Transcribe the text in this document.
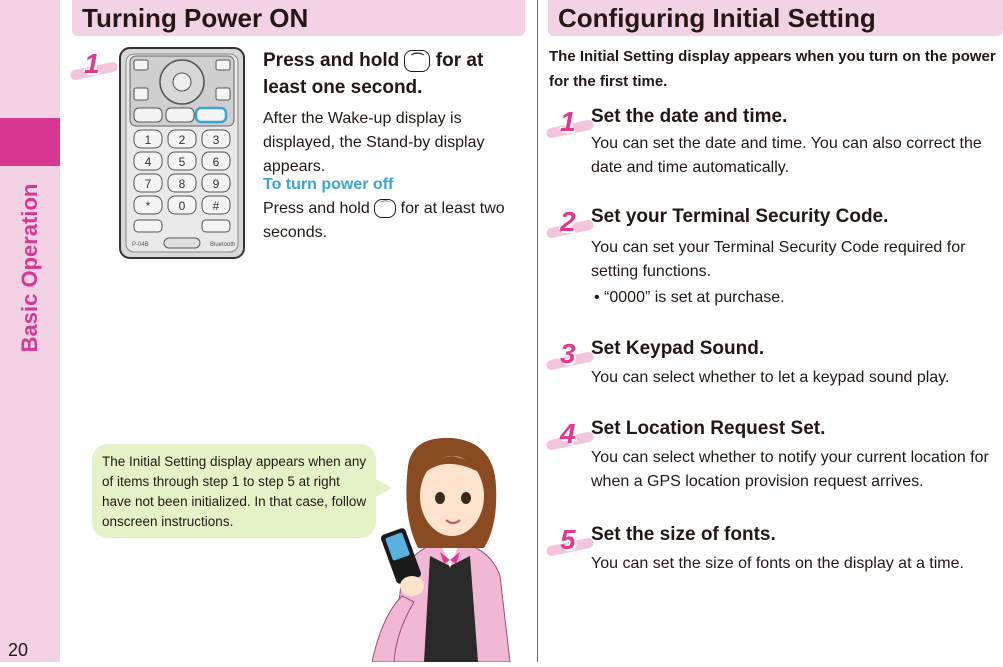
Basic Operation
20
Turning Power ON
1	Press and hold ⌒ for at
least one second.
After the Wake-up display is displayed, the Stand-by display appears.
To turn power off
Press and hold ⌒ for at least two seconds.
1 2 3
4 5 6
7 8 9
* 0 #
P-04B	Bluetooth
The Initial Setting display appears when any of items through step 1 to step 5 at right have not been initialized. In that case, follow onscreen instructions.
Configuring Initial Setting
The Initial Setting display appears when you turn on the power for the first time.
1 Set the date and time.
You can set the date and time. You can also correct the date and time automatically.
2 Set your Terminal Security Code.
You can set your Terminal Security Code required for setting functions.
• “0000” is set at purchase.
3 Set Keypad Sound.
You can select whether to let a keypad sound play.
4 Set Location Request Set.
You can select whether to notify your current location for when a GPS location provision request arrives.
5 Set the size of fonts.
You can set the size of fonts on the display at a time.
